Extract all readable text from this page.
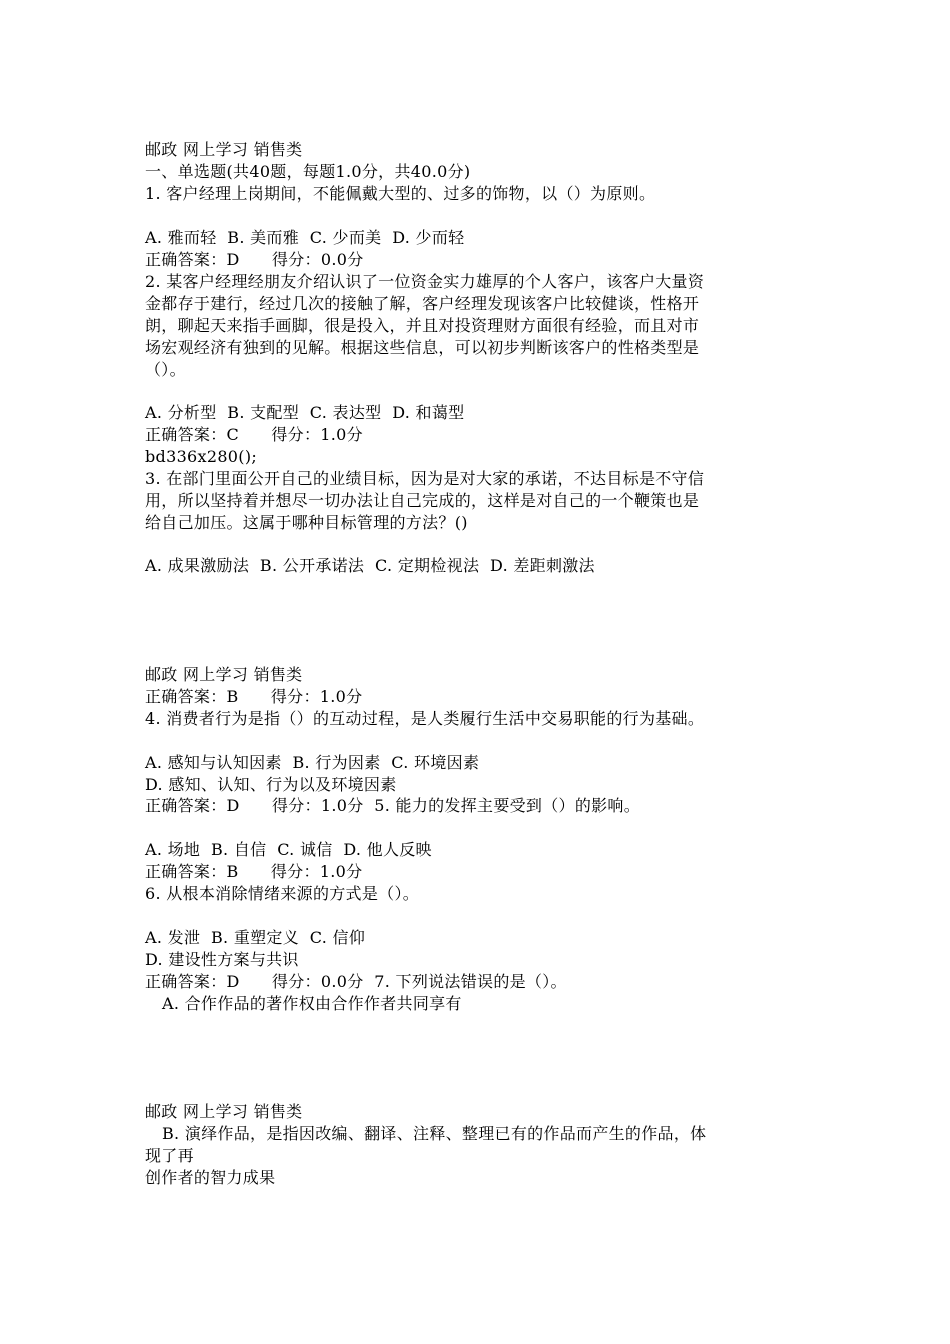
邮政 网上学习 销售类
一、单选题(共40题，每题1.0分，共40.0分)
1. 客户经理上岗期间，不能佩戴大型的、过多的饰物，以（）为原则。
A. 雅而轻  B. 美而雅  C. 少而美  D. 少而轻
正确答案：D      得分：0.0分
2. 某客户经理经朋友介绍认识了一位资金实力雄厚的个人客户，该客户大量资
金都存于建行，经过几次的接触了解，客户经理发现该客户比较健谈，性格开
朗，聊起天来指手画脚，很是投入，并且对投资理财方面很有经验，而且对市
场宏观经济有独到的见解。根据这些信息，可以初步判断该客户的性格类型是
（）。
A. 分析型  B. 支配型  C. 表达型  D. 和蔼型
正确答案：C      得分：1.0分
bd336x280();
3. 在部门里面公开自己的业绩目标，因为是对大家的承诺，不达目标是不守信
用，所以坚持着并想尽一切办法让自己完成的，这样是对自己的一个鞭策也是
给自己加压。这属于哪种目标管理的方法？()
A. 成果激励法  B. 公开承诺法  C. 定期检视法  D. 差距刺激法
邮政 网上学习 销售类
正确答案：B      得分：1.0分
4. 消费者行为是指（）的互动过程，是人类履行生活中交易职能的行为基础。
A. 感知与认知因素  B. 行为因素  C. 环境因素
D. 感知、认知、行为以及环境因素
正确答案：D      得分：1.0分  5. 能力的发挥主要受到（）的影响。
A. 场地  B. 自信  C. 诚信  D. 他人反映
正确答案：B      得分：1.0分
6. 从根本消除情绪来源的方式是（）。
A. 发泄  B. 重塑定义  C. 信仰
D. 建设性方案与共识
正确答案：D      得分：0.0分  7. 下列说法错误的是（）。
A. 合作作品的著作权由合作作者共同享有
邮政 网上学习 销售类
B. 演绎作品，是指因改编、翻译、注释、整理已有的作品而产生的作品，体
现了再
创作者的智力成果
